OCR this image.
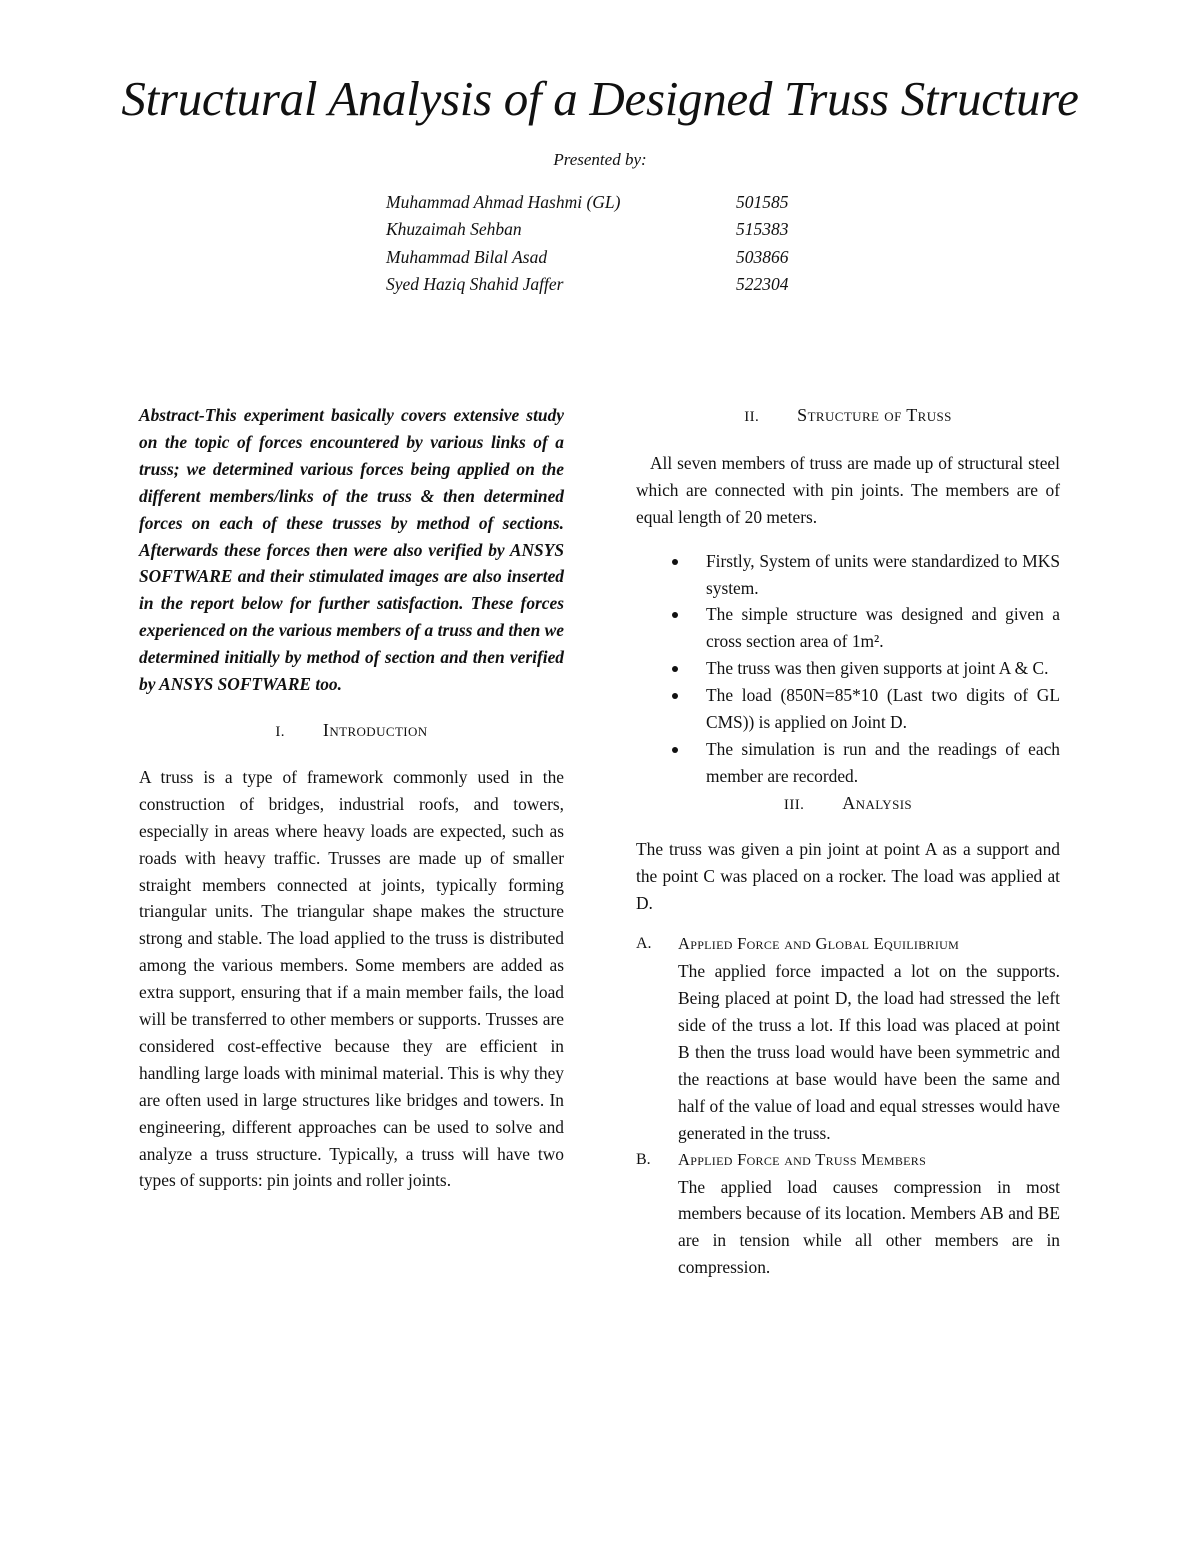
Structural Analysis of a Designed Truss Structure
Presented by:
Muhammad Ahmad Hashmi (GL)	501585
Khuzaimah Sehban	515383
Muhammad Bilal Asad	503866
Syed Haziq Shahid Jaffer	522304

Abstract-This experiment basically covers extensive study on the topic of forces encountered by various links of a truss; we determined various forces being applied on the different members/links of the truss & then determined forces on each of these trusses by method of sections. Afterwards these forces then were also verified by ANSYS SOFTWARE and their stimulated images are also inserted in the report below for further satisfaction. These forces experienced on the various members of a truss and then we determined initially by method of section and then verified by ANSYS SOFTWARE too.

I. Introduction

A truss is a type of framework commonly used in the construction of bridges, industrial roofs, and towers, especially in areas where heavy loads are expected, such as roads with heavy traffic. Trusses are made up of smaller straight members connected at joints, typically forming triangular units. The triangular shape makes the structure strong and stable. The load applied to the truss is distributed among the various members. Some members are added as extra support, ensuring that if a main member fails, the load will be transferred to other members or supports. Trusses are considered cost-effective because they are efficient in handling large loads with minimal material. This is why they are often used in large structures like bridges and towers. In engineering, different approaches can be used to solve and analyze a truss structure. Typically, a truss will have two types of supports: pin joints and roller joints.

II. Structure of Truss

All seven members of truss are made up of structural steel which are connected with pin joints. The members are of equal length of 20 meters.

Firstly, System of units were standardized to MKS system.
The simple structure was designed and given a cross section area of 1m².
The truss was then given supports at joint A & C.
The load (850N=85*10 (Last two digits of GL CMS)) is applied on Joint D.
The simulation is run and the readings of each member are recorded.
III. Analysis

The truss was given a pin joint at point A as a support and the point C was placed on a rocker. The load was applied at D.

A.	Applied Force and Global Equilibrium

The applied force impacted a lot on the supports. Being placed at point D, the load had stressed the left side of the truss a lot. If this load was placed at point B then the truss load would have been symmetric and the reactions at base would have been the same and half of the value of load and equal stresses would have generated in the truss.

B.	Applied Force and Truss Members

The applied load causes compression in most members because of its location. Members AB and BE are in tension while all other members are in compression.
